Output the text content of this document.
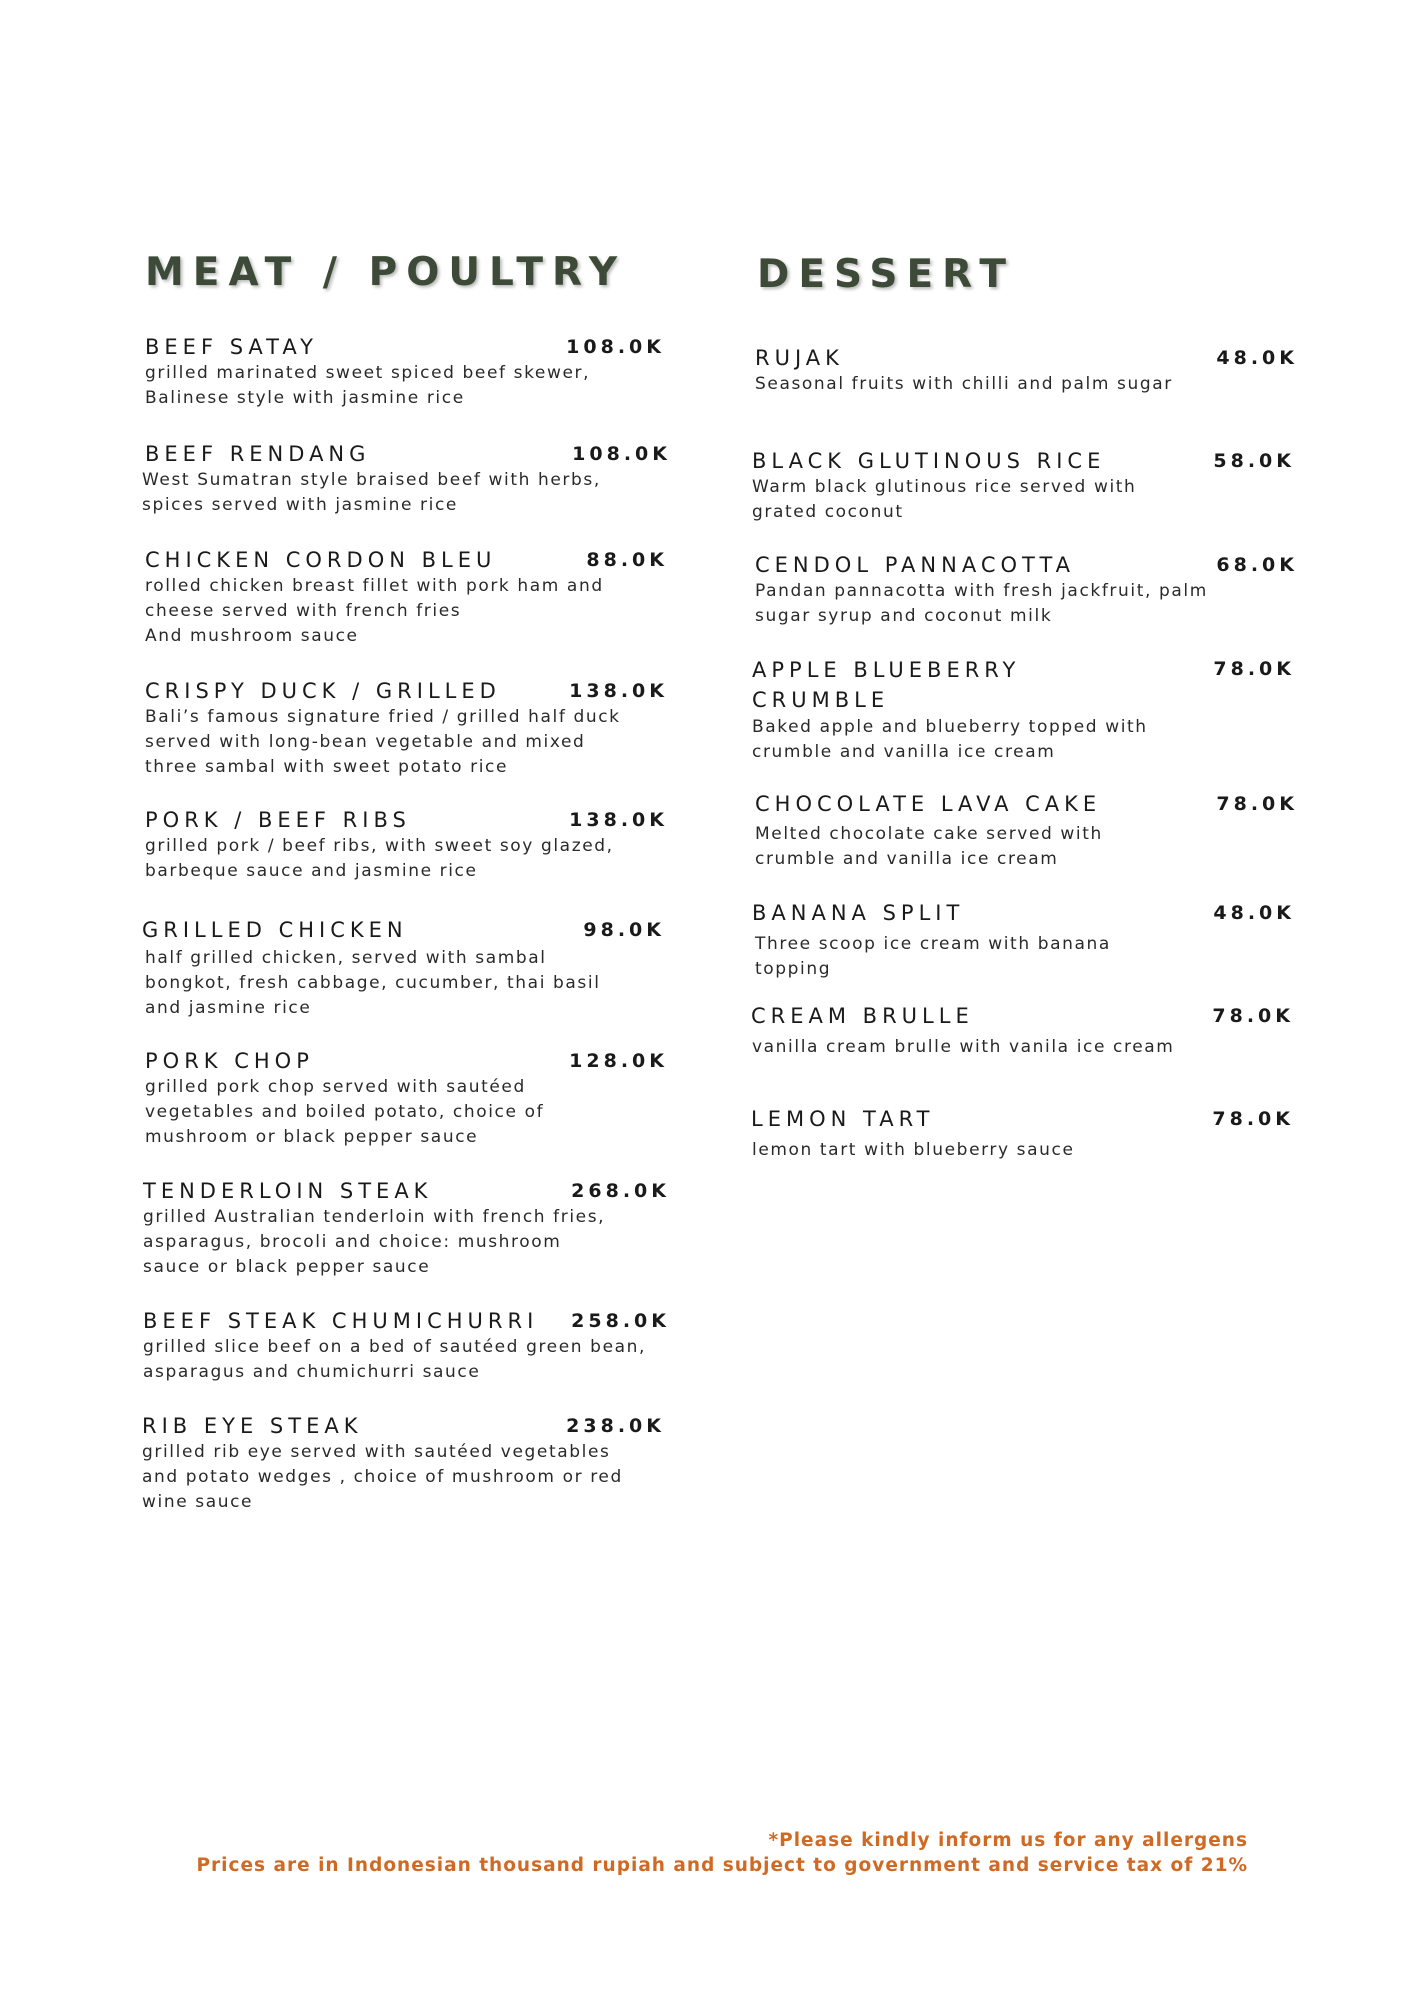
MEAT / POULTRY
BEEF SATAY	108.0K
grilled marinated sweet spiced beef skewer, Balinese style with jasmine rice
BEEF RENDANG	108.0K
West Sumatran style braised beef with herbs, spices served with jasmine rice
CHICKEN CORDON BLEU	88.0K
rolled chicken breast fillet with pork ham and cheese served with french fries
And mushroom sauce
CRISPY DUCK / GRILLED	138.0K
Bali’s famous signature fried / grilled half duck served with long-bean vegetable and mixed three sambal with sweet potato rice
PORK / BEEF RIBS	138.0K
grilled pork / beef ribs, with sweet soy glazed, barbeque sauce and jasmine rice
GRILLED CHICKEN	98.0K
half grilled chicken, served with sambal bongkot, fresh cabbage, cucumber, thai basil and jasmine rice
PORK CHOP	128.0K
grilled pork chop served with sautéed vegetables and boiled potato, choice of mushroom or black pepper sauce
TENDERLOIN STEAK	268.0K
grilled Australian tenderloin with french fries, asparagus, brocoli and choice: mushroom sauce or black pepper sauce
BEEF STEAK CHUMICHURRI 258.0K
grilled slice beef on a bed of sautéed green bean, asparagus and chumichurri sauce
RIB EYE STEAK	238.0K
grilled rib eye served with sautéed vegetables and potato wedges , choice of mushroom or red wine sauce
DESSERT
RUJAK	48.0K
Seasonal fruits with chilli and palm sugar
BLACK GLUTINOUS RICE	58.0K
Warm black glutinous rice served with grated coconut
CENDOL PANNACOTTA	68.0K
Pandan pannacotta with fresh jackfruit, palm sugar syrup and coconut milk
APPLE BLUEBERRY CRUMBLE
78.0K
Baked apple and blueberry topped with crumble and vanilla ice cream
CHOCOLATE LAVA CAKE	78.0K
Melted chocolate cake served with crumble and vanilla ice cream
BANANA SPLIT	48.0K
Three scoop ice cream with banana topping
CREAM BRULLE	78.0K
vanilla cream brulle with vanila ice cream
LEMON TART	78.0K
lemon tart with blueberry sauce
*Please kindly inform us for any allergens
Prices are in Indonesian thousand rupiah and subject to government and service tax of 21%
